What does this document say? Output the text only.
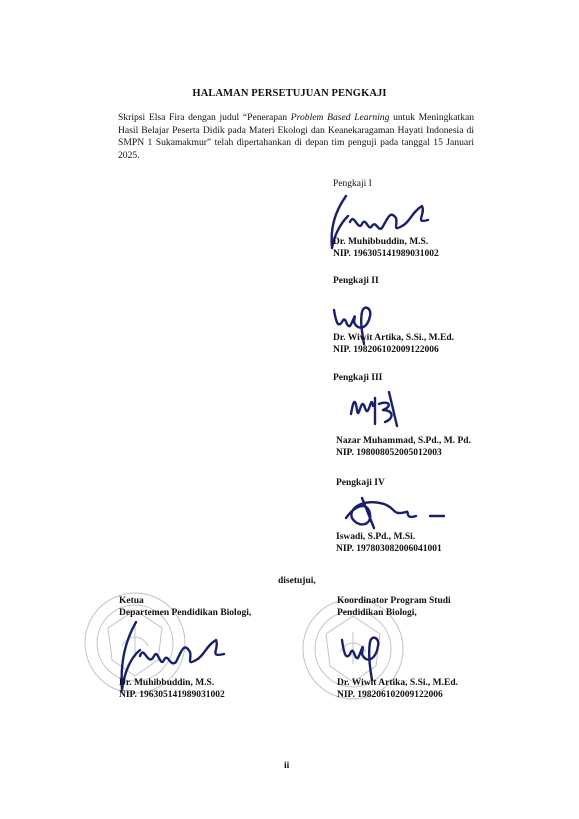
HALAMAN PERSETUJUAN PENGKAJI
Skripsi Elsa Fira dengan judul “Penerapan Problem Based Learning untuk Meningkatkan Hasil Belajar Peserta Didik pada Materi Ekologi dan Keanekaragaman Hayati Indonesia di SMPN 1 Sukamakmur” telah dipertahankan di depan tim penguji pada tanggal 15 Januari 2025.
Pengkaji I
Dr. Muhibbuddin, M.S.
NIP. 196305141989031002
Pengkaji II
Dr. Wiwit Artika, S.Si., M.Ed.
NIP. 198206102009122006
Pengkaji III
Nazar Muhammad, S.Pd., M. Pd.
NIP. 198008052005012003
Pengkaji IV
Iswadi, S.Pd., M.Si.
NIP. 197803082006041001
disetujui,
Ketua
Departemen Pendidikan Biologi,
Dr. Muhibbuddin, M.S.
NIP. 196305141989031002
Koordinator Program Studi
Pendidikan Biologi,
Dr. Wiwit Artika, S.Si., M.Ed.
NIP. 198206102009122006
ii
